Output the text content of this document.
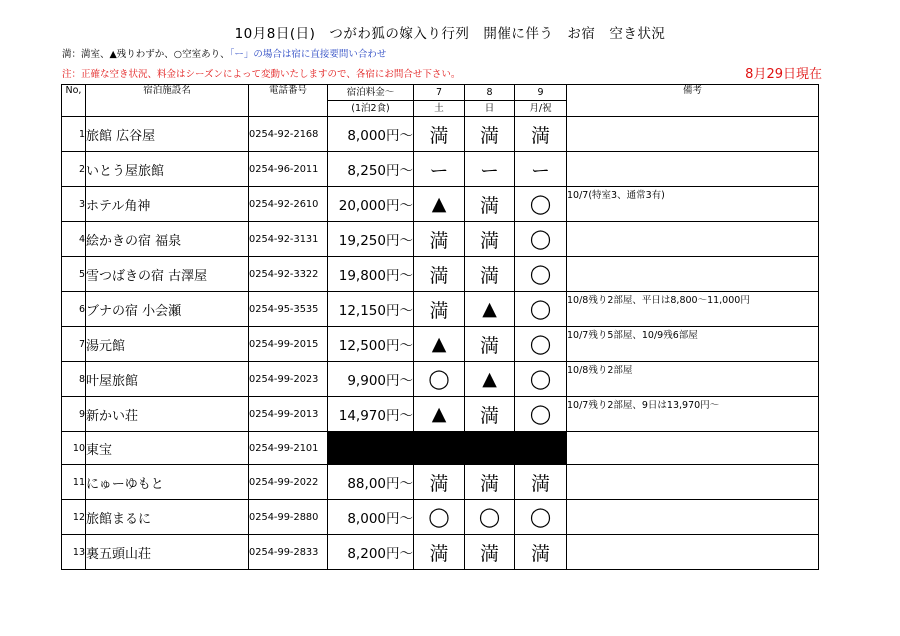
10月8日(日)　つがわ狐の嫁入り行列　開催に伴う　お宿　空き状況
満：満室、▲残りわずか、○空室あり、「ー」の場合は宿に直接要問い合わせ
注：正確な空き状況、料金はシーズンによって変動いたしますので、各宿にお問合せ下さい。	8月29日現在
No,	宿泊施設名	電話番号	宿泊料金～	7	8	9	備考
			(1泊2食)	土	日	月/祝	
1	旅館 広谷屋	0254-92-2168	8,000円～	満	満	満	
2	いとう屋旅館	0254-96-2011	8,250円～	ー	ー	ー	
3	ホテル角神	0254-92-2610	20,000円～	▲	満	◯	10/7(特室3、通常3有)
4	絵かきの宿 福泉	0254-92-3131	19,250円～	満	満	◯	
5	雪つばきの宿 古澤屋	0254-92-3322	19,800円～	満	満	◯	
6	ブナの宿 小会瀬	0254-95-3535	12,150円～	満	▲	◯	10/8残り2部屋、平日は8,800～11,000円
7	湯元館	0254-99-2015	12,500円～	▲	満	◯	10/7残り5部屋、10/9残6部屋
8	叶屋旅館	0254-99-2023	9,900円～	◯	▲	◯	10/8残り2部屋
9	新かい荘	0254-99-2013	14,970円～	▲	満	◯	10/7残り2部屋、9日は13,970円～
10	東宝	0254-99-2101					
11	にゅーゆもと	0254-99-2022	88,00円～	満	満	満	
12	旅館まるに	0254-99-2880	8,000円～	◯	◯	◯	
13	裏五頭山荘	0254-99-2833	8,200円～	満	満	満	
